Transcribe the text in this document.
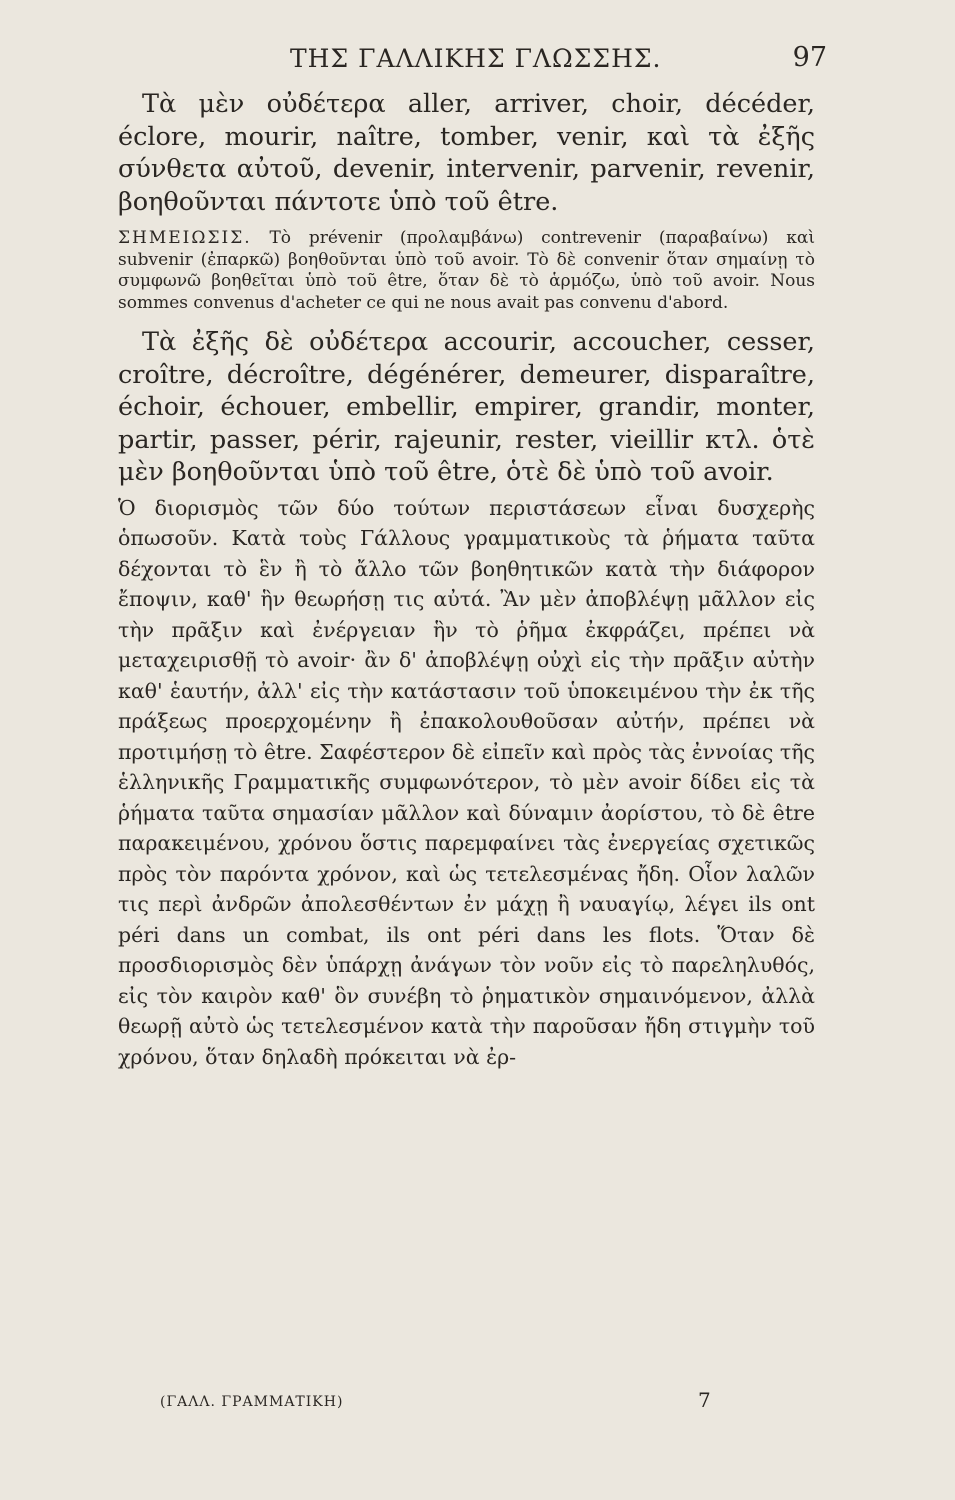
ΤΗΣ ΓΑΛΛΙΚΗΣ ΓΛΩΣΣΗΣ.	97

Τὰ μὲν οὐδέτερα aller, arriver, choir, décéder, éclore, mourir, naître, tomber, venir, καὶ τὰ ἐξῆς σύνθετα αὐτοῦ, devenir, intervenir, parvenir, revenir, βοηθοῦνται πάντοτε ὑπὸ τοῦ être.

ΣΗΜΕΙΩΣΙΣ. Τὸ prévenir (προλαμβάνω) contrevenir (παραβαίνω) καὶ subvenir (ἐπαρκῶ) βοηθοῦνται ὑπὸ τοῦ avoir. Τὸ δὲ convenir ὅταν σημαίνῃ τὸ συμφωνῶ βοηθεῖται ὑπὸ τοῦ être, ὅταν δὲ τὸ ἁρμόζω, ὑπὸ τοῦ avoir. Nous sommes convenus d'acheter ce qui ne nous avait pas convenu d'abord.

Τὰ ἐξῆς δὲ οὐδέτερα accourir, accoucher, cesser, croître, décroître, dégénérer, demeurer, disparaître, échoir, échouer, embellir, empirer, grandir, monter, partir, passer, périr, rajeunir, rester, vieillir κτλ. ὁτὲ μὲν βοηθοῦνται ὑπὸ τοῦ être, ὁτὲ δὲ ὑπὸ τοῦ avoir.

Ὁ διορισμὸς τῶν δύο τούτων περιστάσεων εἶναι δυσχερὴς ὁπωσοῦν. Κατὰ τοὺς Γάλλους γραμματικοὺς τὰ ῥήματα ταῦτα δέχονται τὸ ἓν ἢ τὸ ἄλλο τῶν βοηθητικῶν κατὰ τὴν διάφορον ἔποψιν, καθ' ἣν θεωρήσῃ τις αὐτά. Ἂν μὲν ἀποβλέψῃ μᾶλλον εἰς τὴν πρᾶξιν καὶ ἐνέργειαν ἣν τὸ ῥῆμα ἐκφράζει, πρέπει νὰ μεταχειρισθῇ τὸ avoir· ἂν δ' ἀποβλέψῃ οὐχὶ εἰς τὴν πρᾶξιν αὐτὴν καθ' ἑαυτήν, ἀλλ' εἰς τὴν κατάστασιν τοῦ ὑποκειμένου τὴν ἐκ τῆς πράξεως προερχομένην ἢ ἐπακολουθοῦσαν αὐτήν, πρέπει νὰ προτιμήσῃ τὸ être. Σαφέστερον δὲ εἰπεῖν καὶ πρὸς τὰς ἐννοίας τῆς ἑλληνικῆς Γραμματικῆς συμφωνότερον, τὸ μὲν avoir δίδει εἰς τὰ ῥήματα ταῦτα σημασίαν μᾶλλον καὶ δύναμιν ἀορίστου, τὸ δὲ être παρακειμένου, χρόνου ὅστις παρεμφαίνει τὰς ἐνεργείας σχετικῶς πρὸς τὸν παρόντα χρόνον, καὶ ὡς τετελεσμένας ἤδη. Οἷον λαλῶν τις περὶ ἀνδρῶν ἀπολεσθέντων ἐν μάχῃ ἢ ναυαγίῳ, λέγει ils ont péri dans un combat, ils ont péri dans les flots. Ὅταν δὲ προσδιορισμὸς δὲν ὑπάρχῃ ἀνάγων τὸν νοῦν εἰς τὸ παρεληλυθός, εἰς τὸν καιρὸν καθ' ὃν συνέβη τὸ ῥηματικὸν σημαινόμενον, ἀλλὰ θεωρῇ αὐτὸ ὡς τετελεσμένον κατὰ τὴν παροῦσαν ἤδη στιγμὴν τοῦ χρόνου, ὅταν δηλαδὴ πρόκειται νὰ ἐρ-

(ΓΑΛΛ. ΓΡΑΜΜΑΤΙΚΗ)	7
